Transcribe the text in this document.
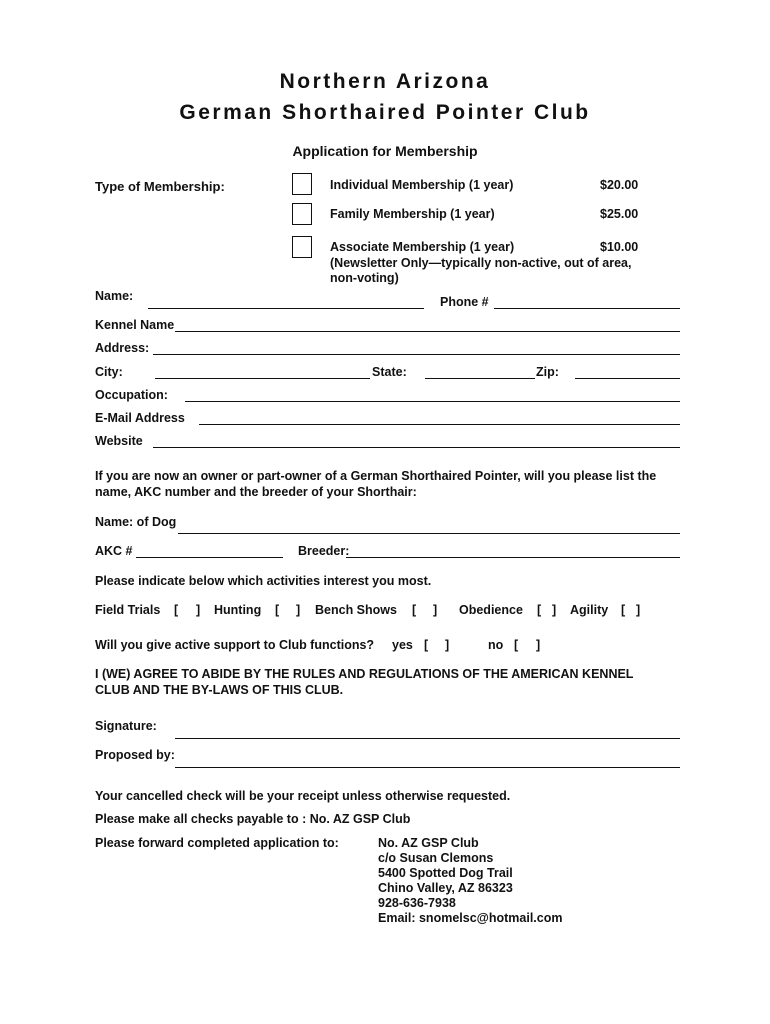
Northern Arizona
German Shorthaired Pointer Club
Application for Membership
Type of Membership:	Individual Membership (1 year)	$20.00
Family Membership (1 year)	$25.00
Associate Membership (1 year)	$10.00
(Newsletter Only—typically non-active, out of area,
non-voting)
Name:	Phone #
Kennel Name
Address:
City:	State:	Zip:
Occupation:
E-Mail Address
Website
If you are now an owner or part-owner of a German Shorthaired Pointer, will you please list the
name, AKC number and the breeder of your Shorthair:
Name: of Dog
AKC #	Breeder:
Please indicate below which activities interest you most.
Field Trials [ ] Hunting [ ] Bench Shows [ ] Obedience [ ] Agility [ ]
Will you give active support to Club functions? yes [ ]	no [ ]
I (WE) AGREE TO ABIDE BY THE RULES AND REGULATIONS OF THE AMERICAN KENNEL
CLUB AND THE BY-LAWS OF THIS CLUB.
Signature:
Proposed by:
Your cancelled check will be your receipt unless otherwise requested.
Please make all checks payable to : No. AZ GSP Club
Please forward completed application to:	No. AZ GSP Club
c/o Susan Clemons
5400 Spotted Dog Trail
Chino Valley, AZ 86323
928-636-7938
Email: snomelsc@hotmail.com
